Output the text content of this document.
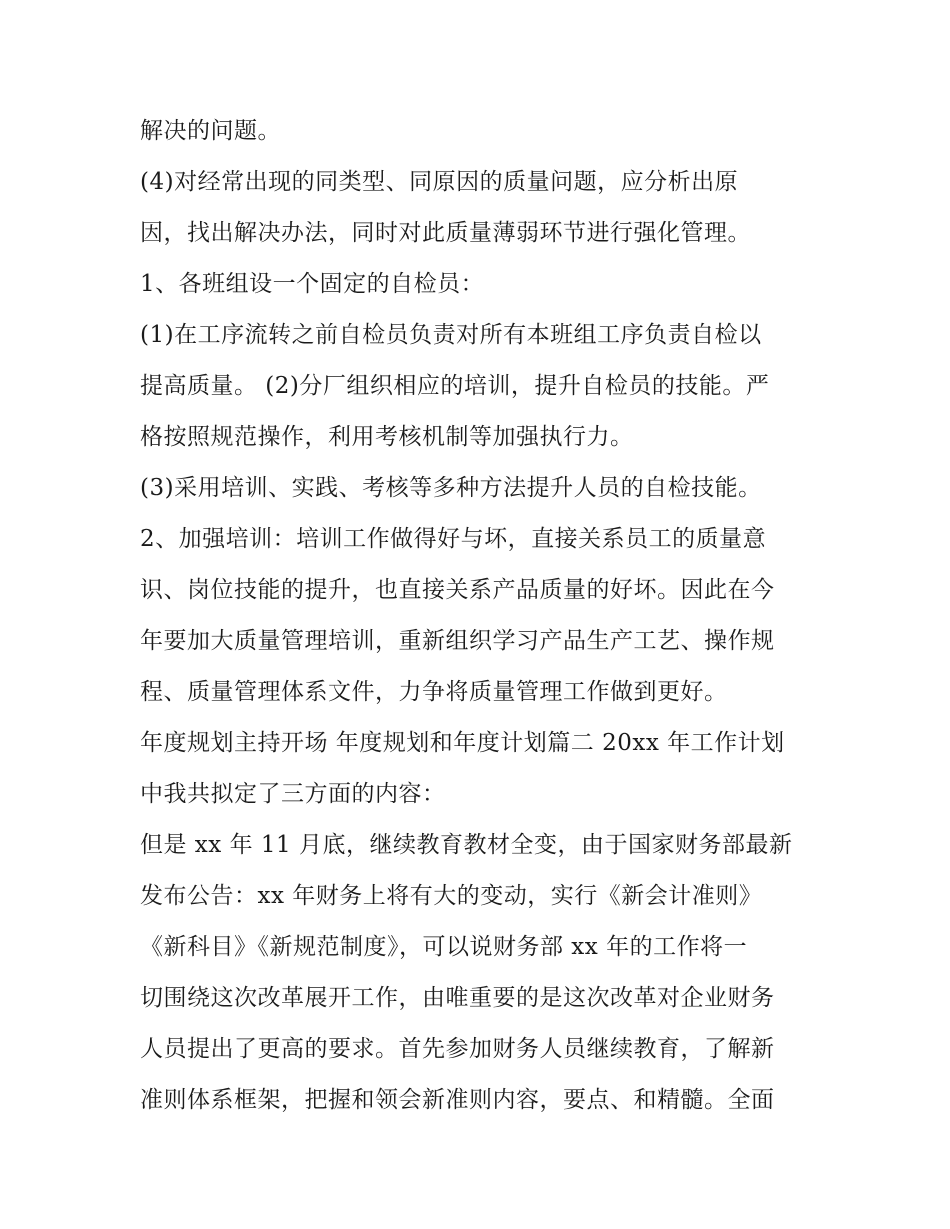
解决的问题。
(4)对经常出现的同类型、同原因的质量问题，应分析出原
因，找出解决办法，同时对此质量薄弱环节进行强化管理。
1、各班组设一个固定的自检员：
(1)在工序流转之前自检员负责对所有本班组工序负责自检以
提高质量。 (2)分厂组织相应的培训，提升自检员的技能。严
格按照规范操作，利用考核机制等加强执行力。
(3)采用培训、实践、考核等多种方法提升人员的自检技能。
2、加强培训：培训工作做得好与坏，直接关系员工的质量意
识、岗位技能的提升，也直接关系产品质量的好坏。因此在今
年要加大质量管理培训，重新组织学习产品生产工艺、操作规
程、质量管理体系文件，力争将质量管理工作做到更好。
年度规划主持开场 年度规划和年度计划篇二 20xx 年工作计划
中我共拟定了三方面的内容：
但是 xx 年 11 月底，继续教育教材全变，由于国家财务部最新
发布公告：xx 年财务上将有大的变动，实行《新会计准则》
《新科目》《新规范制度》，可以说财务部 xx 年的工作将一
切围绕这次改革展开工作，由唯重要的是这次改革对企业财务
人员提出了更高的要求。首先参加财务人员继续教育，了解新
准则体系框架，把握和领会新准则内容，要点、和精髓。全面
